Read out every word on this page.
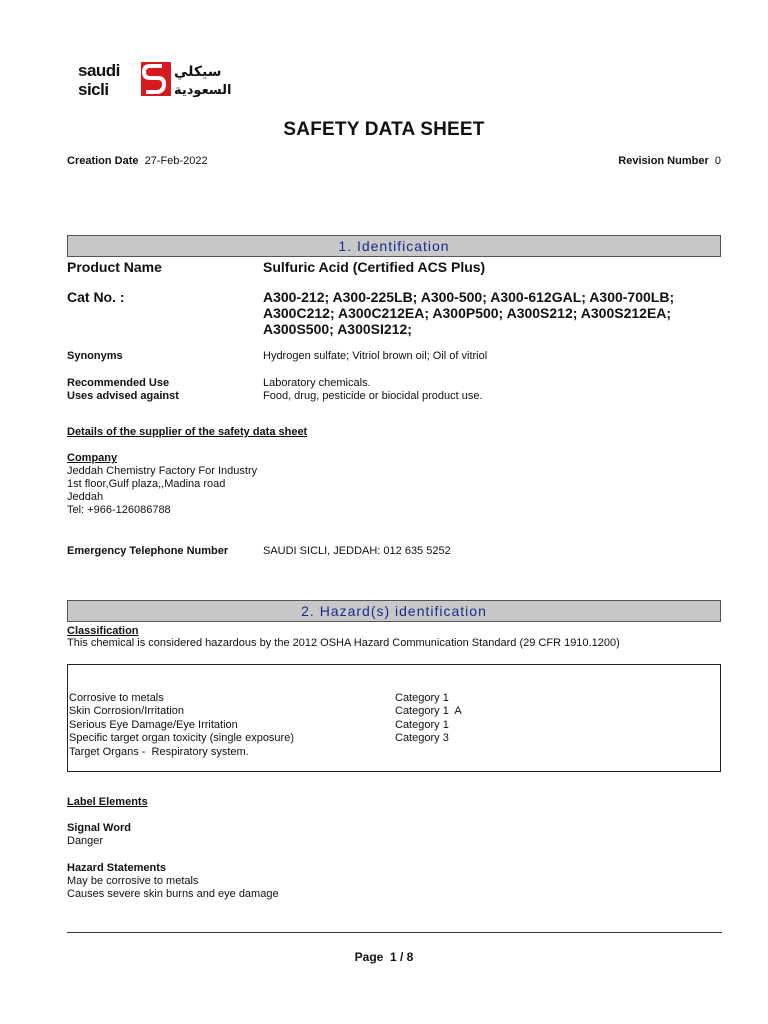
saudi
sicli
سيكلي
السعودية
SAFETY DATA SHEET
Creation Date 27-Feb-2022	Revision Number 0
1. Identification
Product Name	Sulfuric Acid (Certified ACS Plus)
Cat No. :	A300-212; A300-225LB; A300-500; A300-612GAL; A300-700LB;
A300C212; A300C212EA; A300P500; A300S212; A300S212EA;
A300S500; A300SI212;
Synonyms	Hydrogen sulfate; Vitriol brown oil; Oil of vitriol
Recommended Use	Laboratory chemicals.
Uses advised against	Food, drug, pesticide or biocidal product use.
Details of the supplier of the safety data sheet
Company
Jeddah Chemistry Factory For Industry
1st floor,Gulf plaza,,Madina road
Jeddah
Tel: +966-126086788
Emergency Telephone Number	SAUDI SICLI, JEDDAH: 012 635 5252
2. Hazard(s) identification
Classification
This chemical is considered hazardous by the 2012 OSHA Hazard Communication Standard (29 CFR 1910.1200)
Corrosive to metals	Category 1
Skin Corrosion/Irritation	Category 1  A
Serious Eye Damage/Eye Irritation	Category 1
Specific target organ toxicity (single exposure)	Category 3
Target Organs -  Respiratory system.
Label Elements
Signal Word
Danger
Hazard Statements
May be corrosive to metals
Causes severe skin burns and eye damage
Page 1 / 8
